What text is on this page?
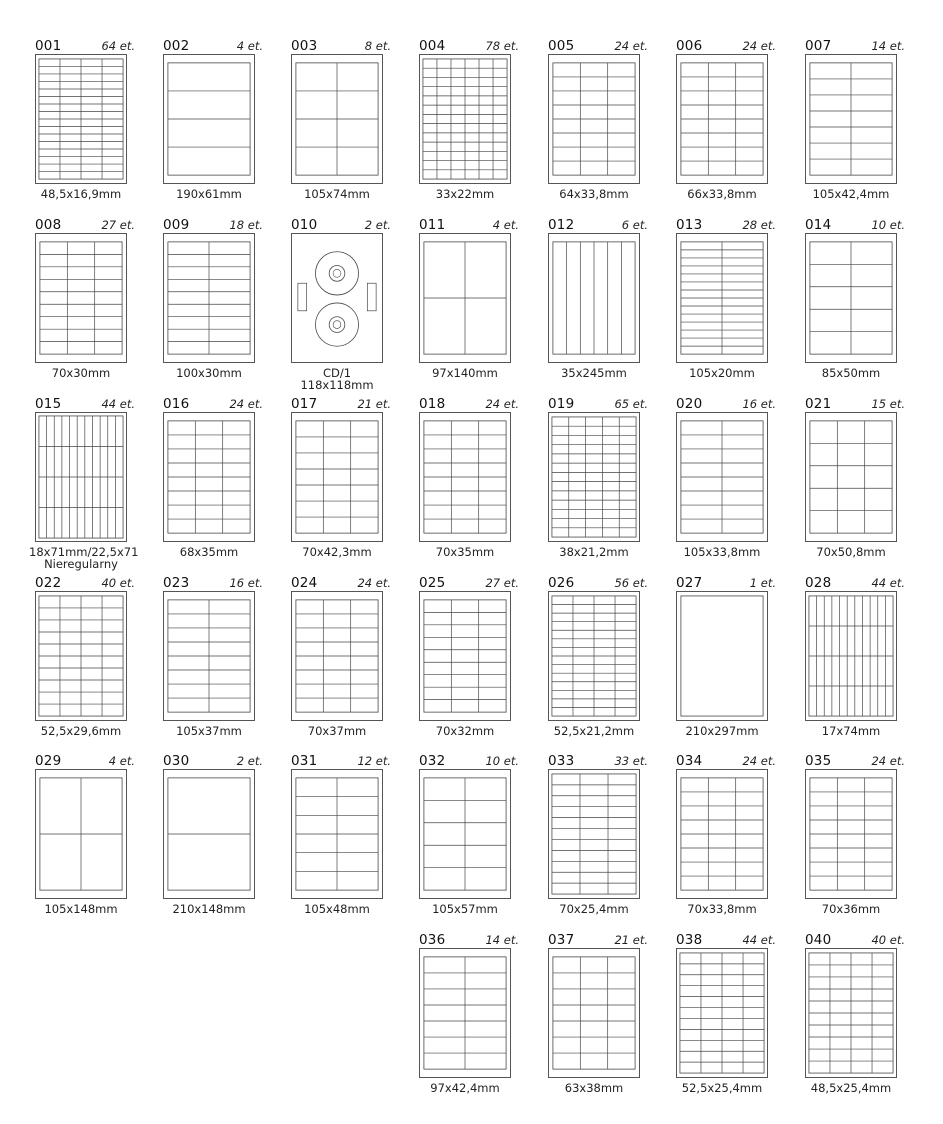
001	64 et.
48,5x16,9mm
002	4 et.
190x61mm
003	8 et.
105x74mm
004	78 et.
33x22mm
005	24 et.
64x33,8mm
006	24 et.
66x33,8mm
007	14 et.
105x42,4mm
008	27 et.
70x30mm
009	18 et.
100x30mm
010	2 et.
CD/1 118x118mm
011	4 et.
97x140mm
012	6 et.
35x245mm
013	28 et.
105x20mm
014	10 et.
85x50mm
015	44 et.
18x71mm/22,5x71
Nieregularny
016	24 et.
68x35mm
017	21 et.
70x42,3mm
018	24 et.
70x35mm
019	65 et.
38x21,2mm
020	16 et.
105x33,8mm
021	15 et.
70x50,8mm
022	40 et.
52,5x29,6mm
023	16 et.
105x37mm
024	24 et.
70x37mm
025	27 et.
70x32mm
026	56 et.
52,5x21,2mm
027	1 et.
210x297mm
028	44 et.
17x74mm
029	4 et.
105x148mm
030	2 et.
210x148mm
031	12 et.
105x48mm
032	10 et.
105x57mm
033	33 et.
70x25,4mm
034	24 et.
70x33,8mm
035	24 et.
70x36mm
036	14 et.
97x42,4mm
037	21 et.
63x38mm
038	44 et.
52,5x25,4mm
040	40 et.
48,5x25,4mm
